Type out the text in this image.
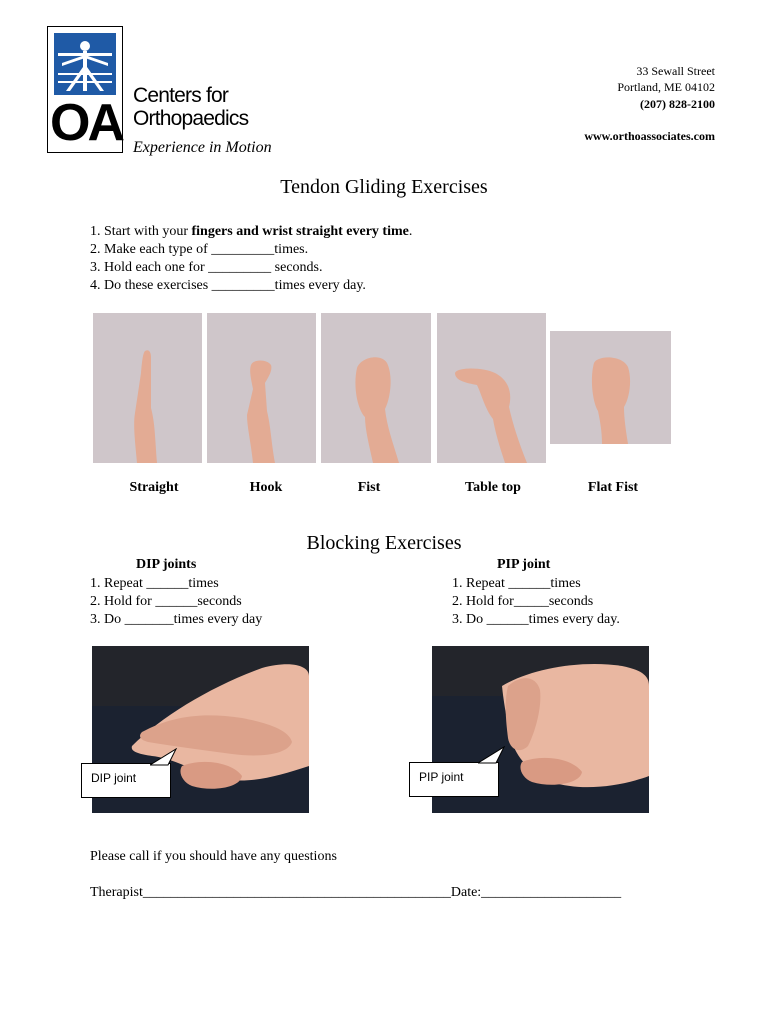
OA Centers for
Orthopaedics
Experience in Motion
33 Sewall Street
Portland, ME 04102
(207) 828-2100
www.orthoassociates.com
Tendon Gliding Exercises
1. Start with your fingers and wrist straight every time.
2. Make each type of _________times.
3. Hold each one for _________ seconds.
4. Do these exercises _________times every day.
Straight	Hook	Fist	Table top	Flat Fist
Blocking Exercises
DIP joints
1. Repeat ______times
2. Hold for ______seconds
3. Do _______times every day
PIP joint
1. Repeat ______times
2. Hold for_____seconds
3. Do ______times every day.
DIP joint	PIP joint
Please call if you should have any questions
Therapist____________________________________________Date:____________________
